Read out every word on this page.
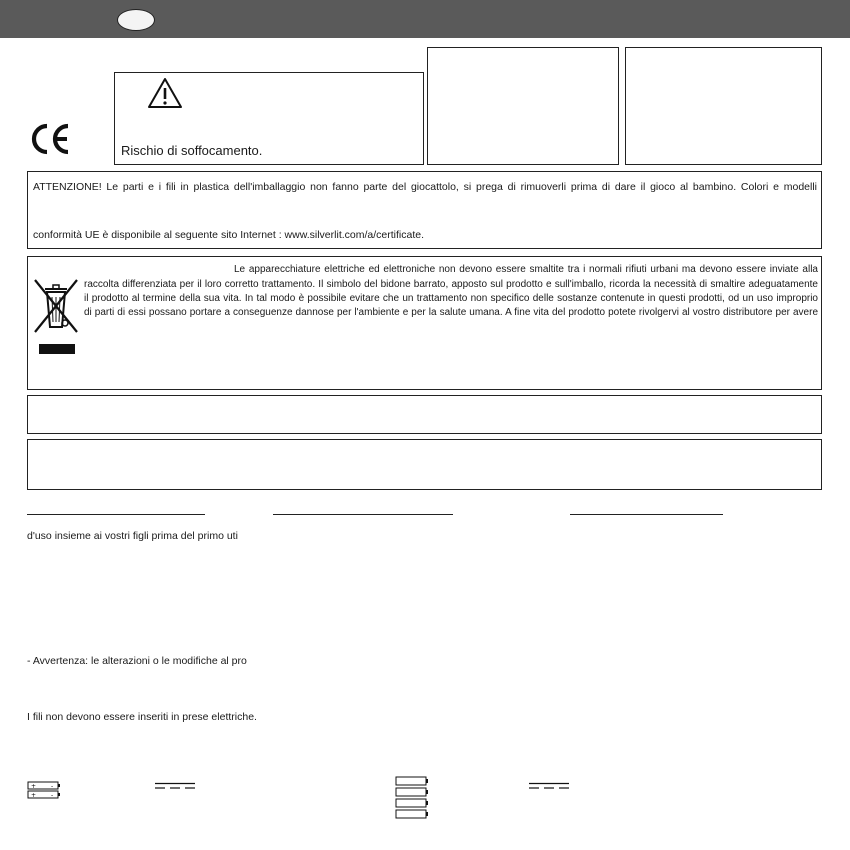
Rischio di soffocamento.
ATTENZIONE! Le parti e i fili in plastica dell'imballaggio non fanno parte del giocattolo, si prega di rimuoverli prima di dare il gioco al bambino. Colori e modelli
conformità UE è disponibile al seguente sito Internet : www.silverlit.com/a/certificate.
Le apparecchiature elettriche ed elettroniche non devono essere smaltite tra i normali rifiuti urbani ma devono essere inviate alla
raccolta differenziata per il loro corretto trattamento. Il simbolo del bidone barrato, apposto sul prodotto e sull'imballo, ricorda la necessità di smaltire adeguatamente
il prodotto al termine della sua vita. In tal modo è possibile evitare che un trattamento non specifico delle sostanze contenute in questi prodotti, od un uso improprio
di parti di essi possano portare a conseguenze dannose per l'ambiente e per la salute umana. A fine vita del prodotto potete rivolgervi al vostro distributore per avere
d'uso insieme ai vostri figli prima del primo uti
- Avvertenza: le alterazioni o le modifiche al pro
I fili non devono essere inseriti in prese elettriche.
+ -
+ -
